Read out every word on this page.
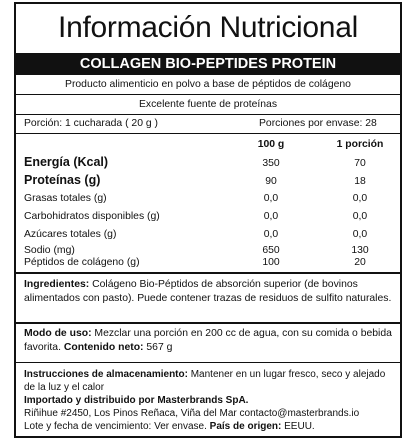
Información Nutricional
COLLAGEN BIO-PEPTIDES PROTEIN
Producto alimenticio en polvo a base de péptidos de colágeno
Excelente fuente de proteínas
Porción: 1 cucharada ( 20 g )	Porciones por envase: 28
100 g	1 porción
Energía (Kcal)	350	70
Proteínas (g)	90	18
Grasas totales (g)	0,0	0,0
Carbohidratos disponibles (g)	0,0	0,0
Azúcares totales (g)	0,0	0,0
Sodio (mg)	650	130
Péptidos de colágeno (g)	100	20
Ingredientes: Colágeno Bio-Péptidos de absorción superior (de bovinos alimentados con pasto). Puede contener trazas de residuos de sulfito naturales.
Modo de uso: Mezclar una porción en 200 cc de agua, con su comida o bebida favorita. Contenido neto: 567 g
Instrucciones de almacenamiento: Mantener en un lugar fresco, seco y alejado de la luz y el calor
Importado y distribuido por Masterbrands SpA.
Riñihue #2450, Los Pinos Reñaca, Viña del Mar contacto@masterbrands.io
Lote y fecha de vencimiento: Ver envase. País de origen: EEUU.
